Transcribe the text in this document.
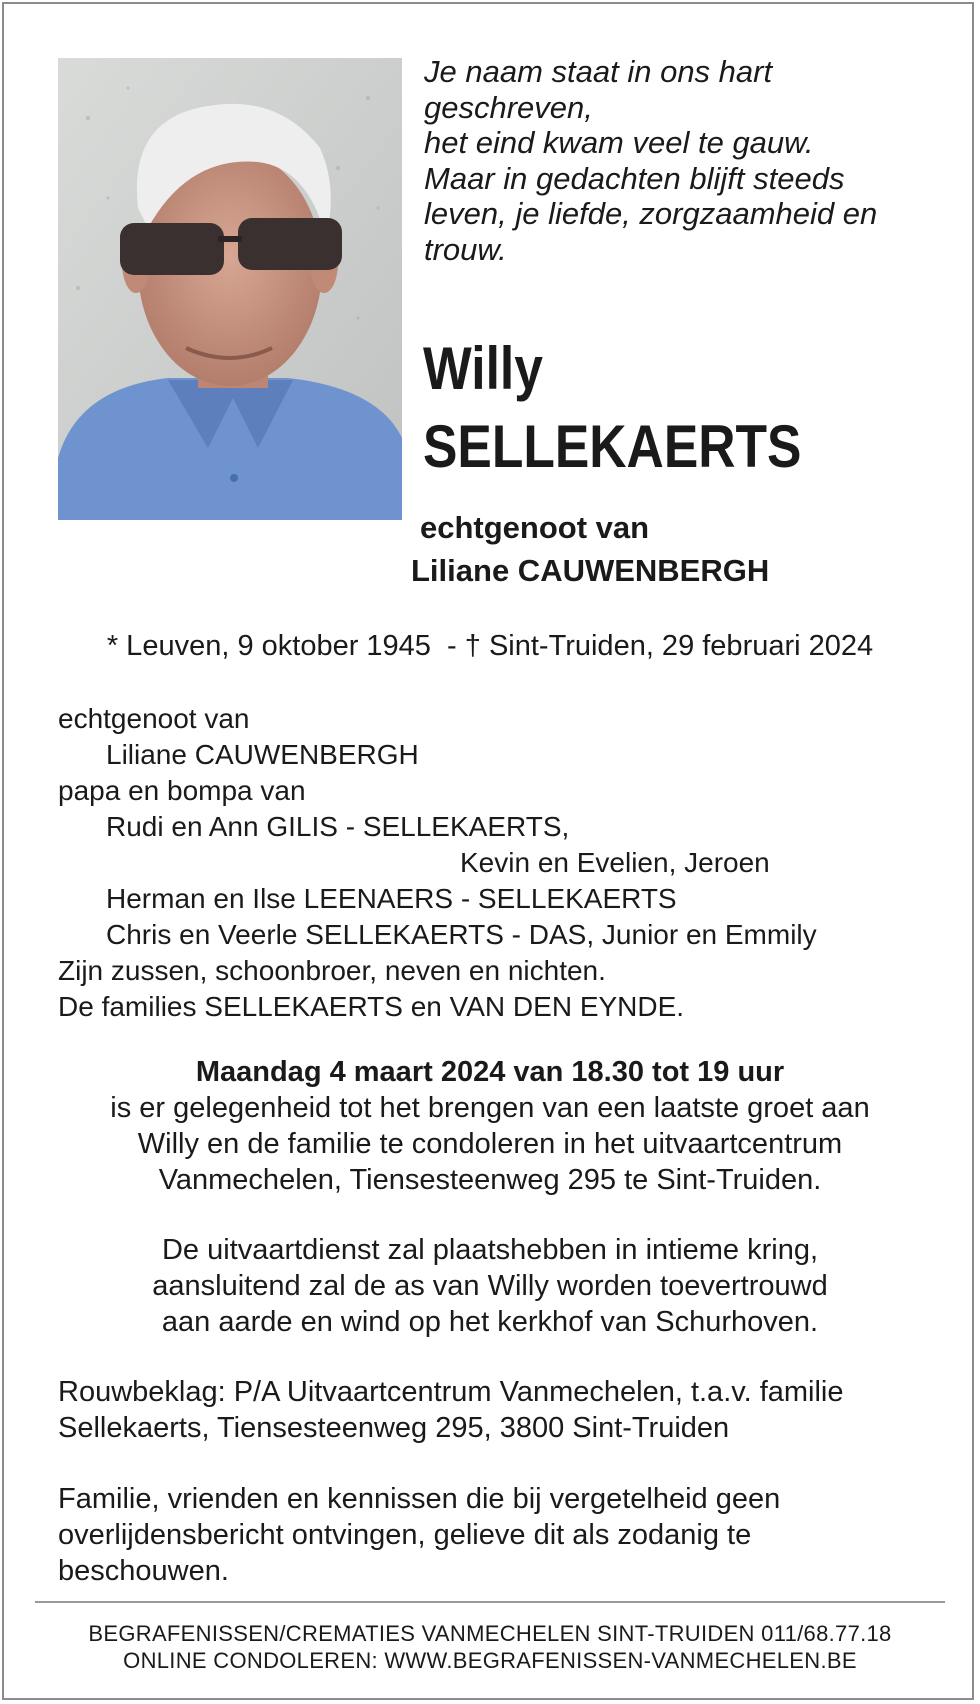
Je naam staat in ons hart
geschreven,
het eind kwam veel te gauw.
Maar in gedachten blijft steeds
leven, je liefde, zorgzaamheid en
trouw.
Willy
SELLEKAERTS
echtgenoot van
Liliane CAUWENBERGH
* Leuven, 9 oktober 1945  - † Sint-Truiden, 29 februari 2024
echtgenoot van
Liliane CAUWENBERGH
papa en bompa van
Rudi en Ann GILIS - SELLEKAERTS,
Kevin en Evelien, Jeroen
Herman en Ilse LEENAERS - SELLEKAERTS
Chris en Veerle SELLEKAERTS - DAS, Junior en Emmily
Zijn zussen, schoonbroer, neven en nichten.
De families SELLEKAERTS en VAN DEN EYNDE.
Maandag 4 maart 2024 van 18.30 tot 19 uur
is er gelegenheid tot het brengen van een laatste groet aan
Willy en de familie te condoleren in het uitvaartcentrum
Vanmechelen, Tiensesteenweg 295 te Sint-Truiden.
De uitvaartdienst zal plaatshebben in intieme kring,
aansluitend zal de as van Willy worden toevertrouwd
aan aarde en wind op het kerkhof van Schurhoven.
Rouwbeklag: P/A Uitvaartcentrum Vanmechelen, t.a.v. familie
Sellekaerts, Tiensesteenweg 295, 3800 Sint-Truiden
Familie, vrienden en kennissen die bij vergetelheid geen
overlijdensbericht ontvingen, gelieve dit als zodanig te
beschouwen.
BEGRAFENISSEN/CREMATIES VANMECHELEN SINT-TRUIDEN 011/68.77.18
ONLINE CONDOLEREN: WWW.BEGRAFENISSEN-VANMECHELEN.BE
